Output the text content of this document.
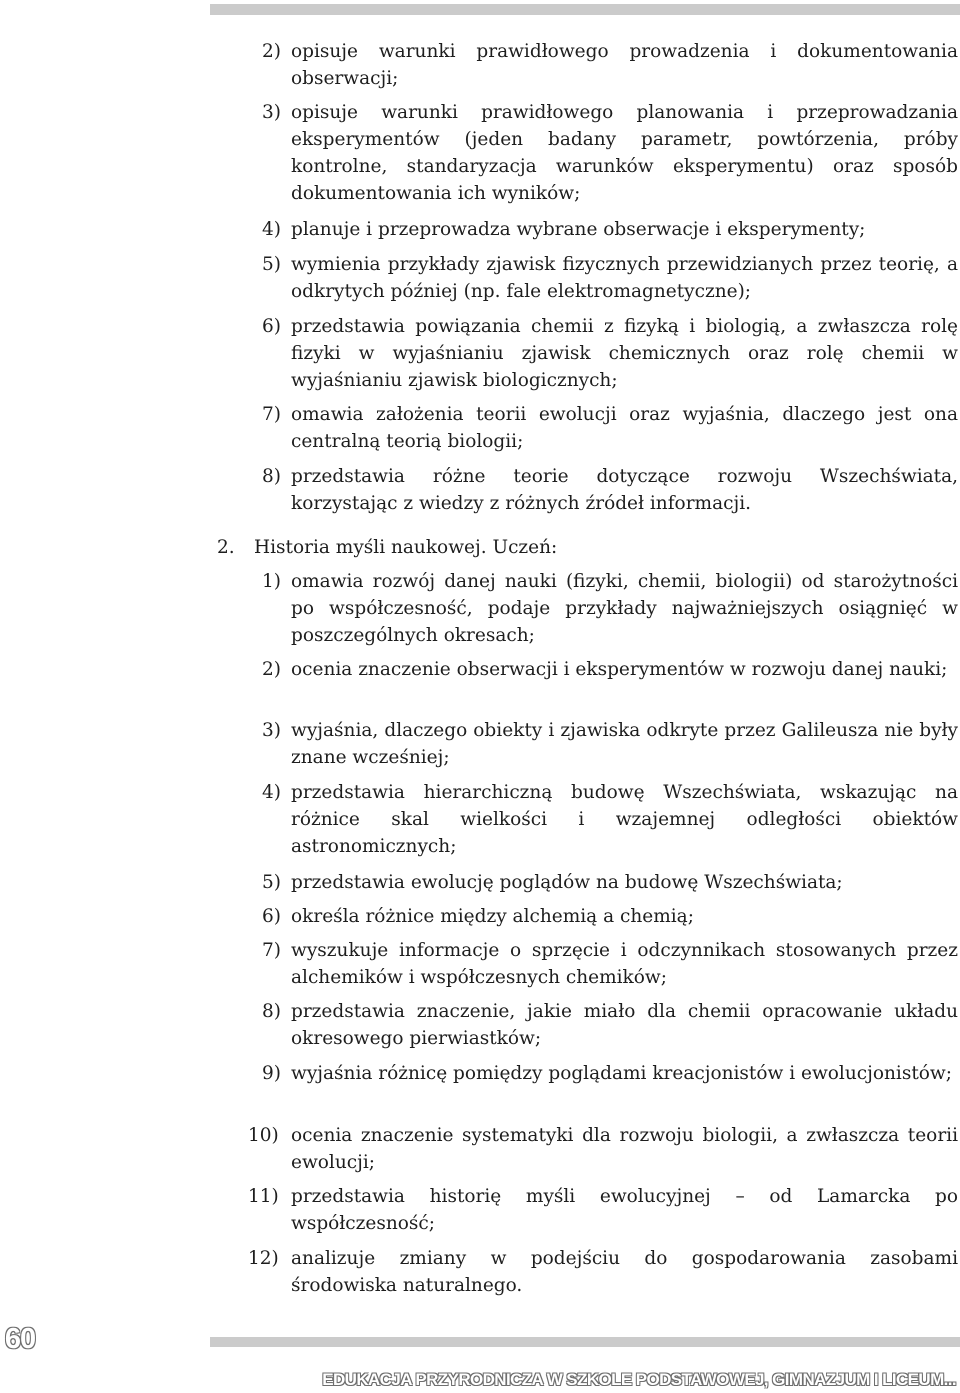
2) opisuje warunki prawidłowego prowadzenia i dokumentowania obserwacji;
3) opisuje warunki prawidłowego planowania i przeprowadzania eksperymentów (jeden badany parametr, powtórzenia, próby kontrolne, standaryzacja warunków eksperymentu) oraz sposób dokumentowania ich wyników;
4) planuje i przeprowadza wybrane obserwacje i eksperymenty;
5) wymienia przykłady zjawisk fizycznych przewidzianych przez teorię, a odkrytych później (np. fale elektromagnetyczne);
6) przedstawia powiązania chemii z fizyką i biologią, a zwłaszcza rolę fizyki w wyjaśnianiu zjawisk chemicznych oraz rolę chemii w wyjaśnianiu zjawisk biologicznych;
7) omawia założenia teorii ewolucji oraz wyjaśnia, dlaczego jest ona centralną teorią biologii;
8) przedstawia różne teorie dotyczące rozwoju Wszechświata, korzystając z wiedzy z różnych źródeł informacji.
2. Historia myśli naukowej. Uczeń:
1) omawia rozwój danej nauki (fizyki, chemii, biologii) od starożytności po współczesność, podaje przykłady najważniejszych osiągnięć w poszczególnych okresach;
2) ocenia znaczenie obserwacji i eksperymentów w rozwoju danej nauki;
3) wyjaśnia, dlaczego obiekty i zjawiska odkryte przez Galileusza nie były znane wcześniej;
4) przedstawia hierarchiczną budowę Wszechświata, wskazując na różnice skal wielkości i wzajemnej odległości obiektów astronomicznych;
5) przedstawia ewolucję poglądów na budowę Wszechświata;
6) określa różnice między alchemią a chemią;
7) wyszukuje informacje o sprzęcie i odczynnikach stosowanych przez alchemików i współczesnych chemików;
8) przedstawia znaczenie, jakie miało dla chemii opracowanie układu okresowego pierwiastków;
9) wyjaśnia różnicę pomiędzy poglądami kreacjonistów i ewolucjonistów;
10) ocenia znaczenie systematyki dla rozwoju biologii, a zwłaszcza teorii ewolucji;
11) przedstawia historię myśli ewolucyjnej – od Lamarcka po współczesność;
12) analizuje zmiany w podejściu do gospodarowania zasobami środowiska naturalnego.
60
EDUKACJA PRZYRODNICZA W SZKOLE PODSTAWOWEJ, GIMNAZJUM I LICEUM...
